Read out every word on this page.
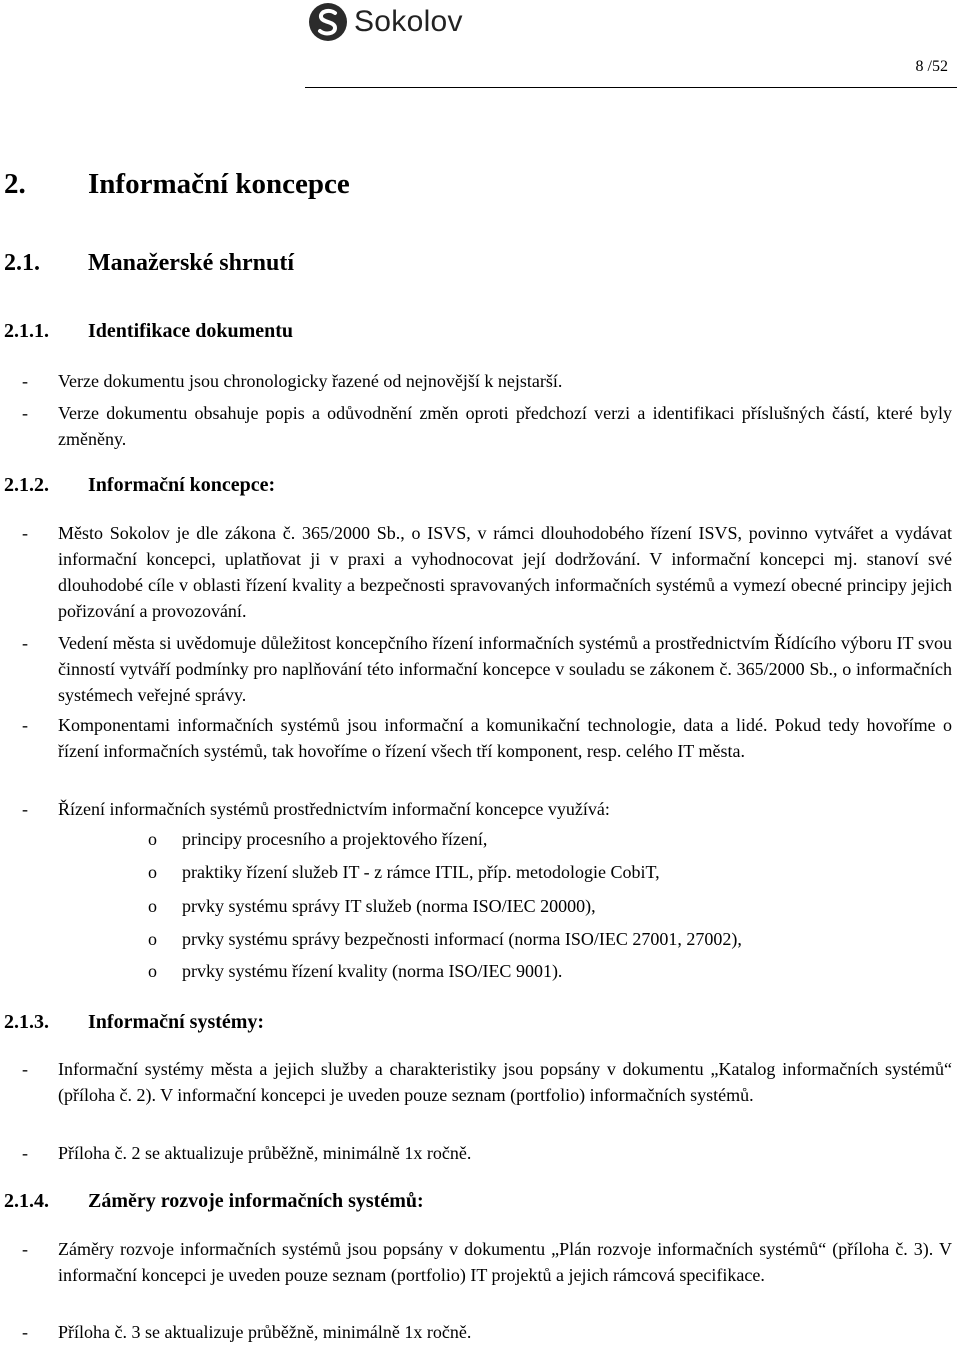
Sokolov
8 /52
2. Informační koncepce
2.1. Manažerské shrnutí
2.1.1. Identifikace dokumentu
- Verze dokumentu jsou chronologicky řazené od nejnovější k nejstarší.
- Verze dokumentu obsahuje popis a odůvodnění změn oproti předchozí verzi a identifikaci příslušných částí, které byly změněny.
2.1.2. Informační koncepce:
- Město Sokolov je dle zákona č. 365/2000 Sb., o ISVS, v rámci dlouhodobého řízení ISVS, povinno vytvářet a vydávat informační koncepci, uplatňovat ji v praxi a vyhodnocovat její dodržování. V informační koncepci mj. stanoví své dlouhodobé cíle v oblasti řízení kvality a bezpečnosti spravovaných informačních systémů a vymezí obecné principy jejich pořizování a provozování.
- Vedení města si uvědomuje důležitost koncepčního řízení informačních systémů a prostřednictvím Řídícího výboru IT svou činností vytváří podmínky pro naplňování této informační koncepce v souladu se zákonem č. 365/2000 Sb., o informačních systémech veřejné správy.
- Komponentami informačních systémů jsou informační a komunikační technologie, data a lidé. Pokud tedy hovoříme o řízení informačních systémů, tak hovoříme o řízení všech tří komponent, resp. celého IT města.
- Řízení informačních systémů prostřednictvím informační koncepce využívá:
o principy procesního a projektového řízení,
o praktiky řízení služeb IT - z rámce ITIL, příp. metodologie CobiT,
o prvky systému správy IT služeb (norma ISO/IEC 20000),
o prvky systému správy bezpečnosti informací (norma ISO/IEC 27001, 27002),
o prvky systému řízení kvality (norma ISO/IEC 9001).
2.1.3. Informační systémy:
- Informační systémy města a jejich služby a charakteristiky jsou popsány v dokumentu „Katalog informačních systémů“ (příloha č. 2). V informační koncepci je uveden pouze seznam (portfolio) informačních systémů.
- Příloha č. 2 se aktualizuje průběžně, minimálně 1x ročně.
2.1.4. Záměry rozvoje informačních systémů:
- Záměry rozvoje informačních systémů jsou popsány v dokumentu „Plán rozvoje informačních systémů“ (příloha č. 3). V informační koncepci je uveden pouze seznam (portfolio) IT projektů a jejich rámcová specifikace.
- Příloha č. 3 se aktualizuje průběžně, minimálně 1x ročně.
